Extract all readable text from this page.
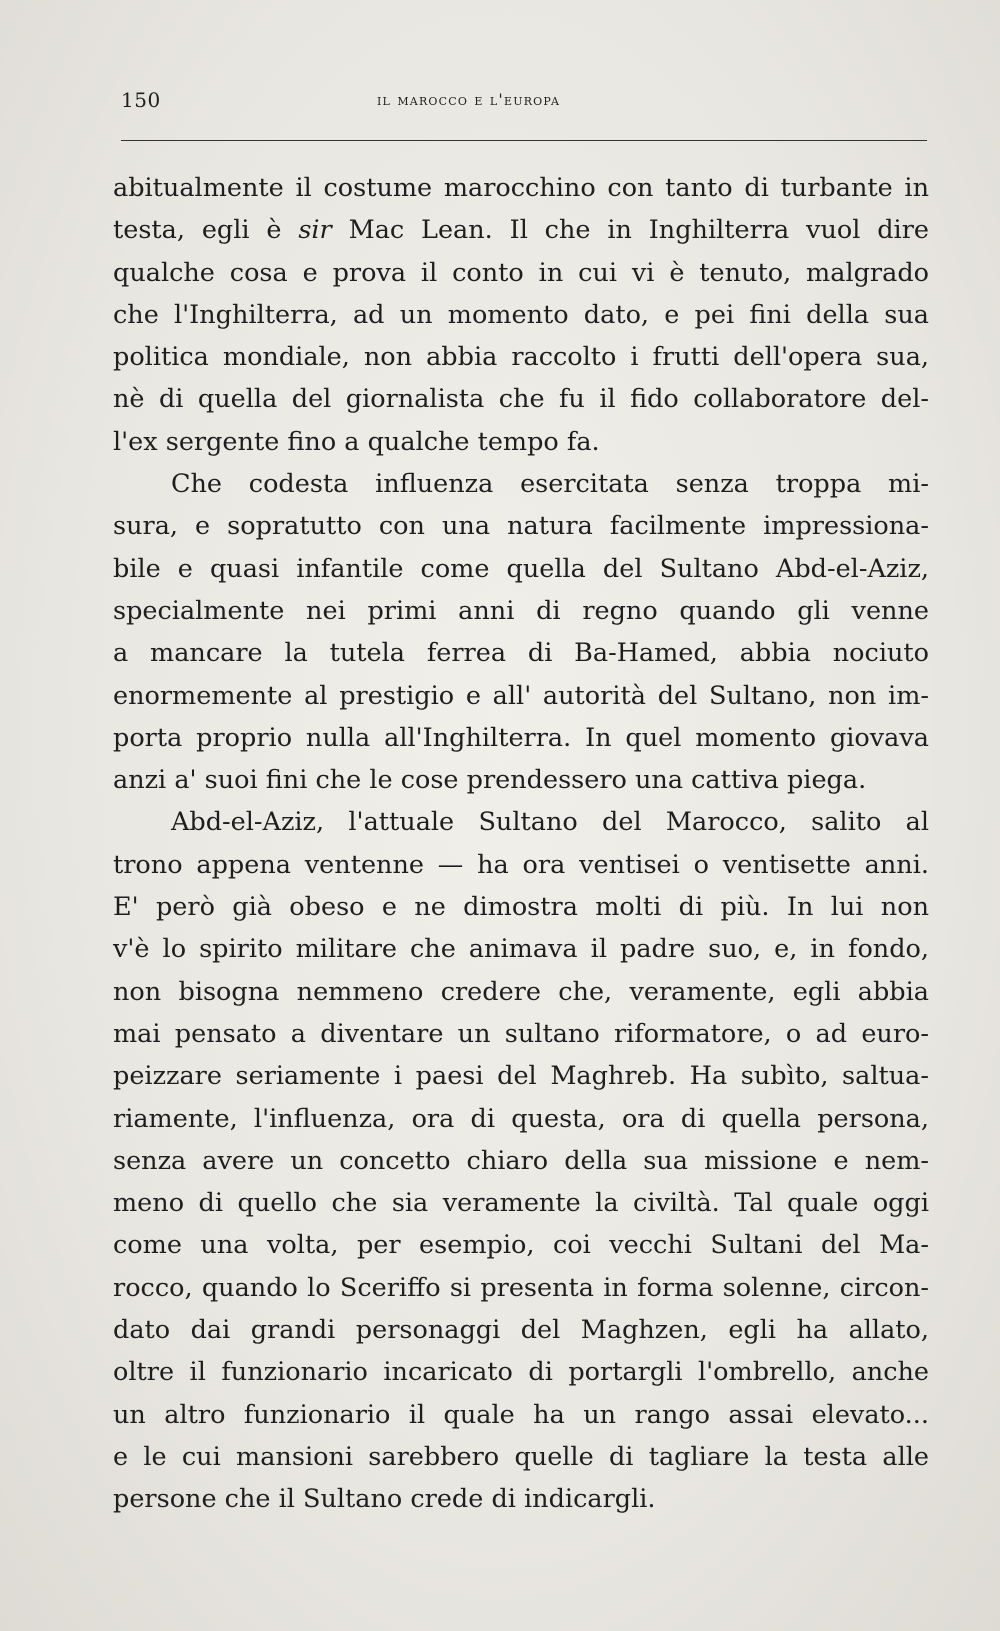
150	il marocco e l'europa
abitualmente il costume marocchino con tanto di turbante in
testa, egli è sir Mac Lean. Il che in Inghilterra vuol dire
qualche cosa e prova il conto in cui vi è tenuto, malgrado
che l'Inghilterra, ad un momento dato, e pei fini della sua
politica mondiale, non abbia raccolto i frutti dell'opera sua,
nè di quella del giornalista che fu il fido collaboratore del-
l'ex sergente fino a qualche tempo fa.
Che codesta influenza esercitata senza troppa mi-
sura, e sopratutto con una natura facilmente impressiona-
bile e quasi infantile come quella del Sultano Abd-el-Aziz,
specialmente nei primi anni di regno quando gli venne
a mancare la tutela ferrea di Ba-Hamed, abbia nociuto
enormemente al prestigio e all' autorità del Sultano, non im-
porta proprio nulla all'Inghilterra. In quel momento giovava
anzi a' suoi fini che le cose prendessero una cattiva piega.
Abd-el-Aziz, l'attuale Sultano del Marocco, salito al
trono appena ventenne — ha ora ventisei o ventisette anni.
E' però già obeso e ne dimostra molti di più. In lui non
v'è lo spirito militare che animava il padre suo, e, in fondo,
non bisogna nemmeno credere che, veramente, egli abbia
mai pensato a diventare un sultano riformatore, o ad euro-
peizzare seriamente i paesi del Maghreb. Ha subìto, saltua-
riamente, l'influenza, ora di questa, ora di quella persona,
senza avere un concetto chiaro della sua missione e nem-
meno di quello che sia veramente la civiltà. Tal quale oggi
come una volta, per esempio, coi vecchi Sultani del Ma-
rocco, quando lo Sceriffo si presenta in forma solenne, circon-
dato dai grandi personaggi del Maghzen, egli ha allato,
oltre il funzionario incaricato di portargli l'ombrello, anche
un altro funzionario il quale ha un rango assai elevato...
e le cui mansioni sarebbero quelle di tagliare la testa alle
persone che il Sultano crede di indicargli.
